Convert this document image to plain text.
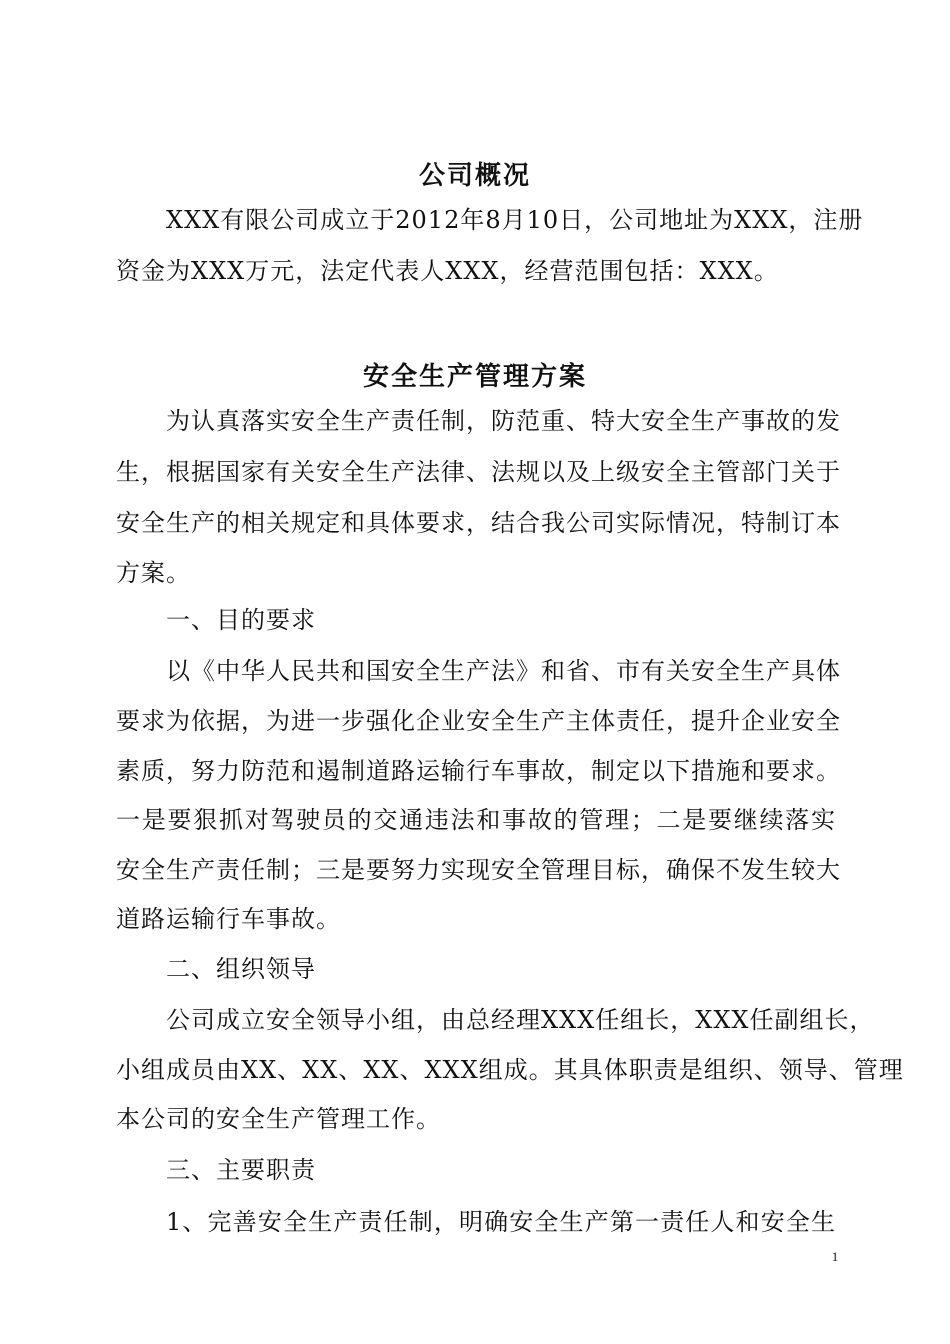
公司概况
XXX有限公司成立于2012年8月10日，公司地址为XXX，注册
资金为XXX万元，法定代表人XXX，经营范围包括：XXX。
安全生产管理方案
为认真落实安全生产责任制，防范重、特大安全生产事故的发
生，根据国家有关安全生产法律、法规以及上级安全主管部门关于
安全生产的相关规定和具体要求，结合我公司实际情况，特制订本
方案。
一、目的要求
以《中华人民共和国安全生产法》和省、市有关安全生产具体
要求为依据，为进一步强化企业安全生产主体责任，提升企业安全
素质，努力防范和遏制道路运输行车事故，制定以下措施和要求。
一是要狠抓对驾驶员的交通违法和事故的管理；二是要继续落实
安全生产责任制；三是要努力实现安全管理目标，确保不发生较大
道路运输行车事故。
二、组织领导
公司成立安全领导小组，由总经理XXX任组长，XXX任副组长，
小组成员由XX、XX、XX、XXX组成。其具体职责是组织、领导、管理
本公司的安全生产管理工作。
三、主要职责
1、完善安全生产责任制，明确安全生产第一责任人和安全生
1
